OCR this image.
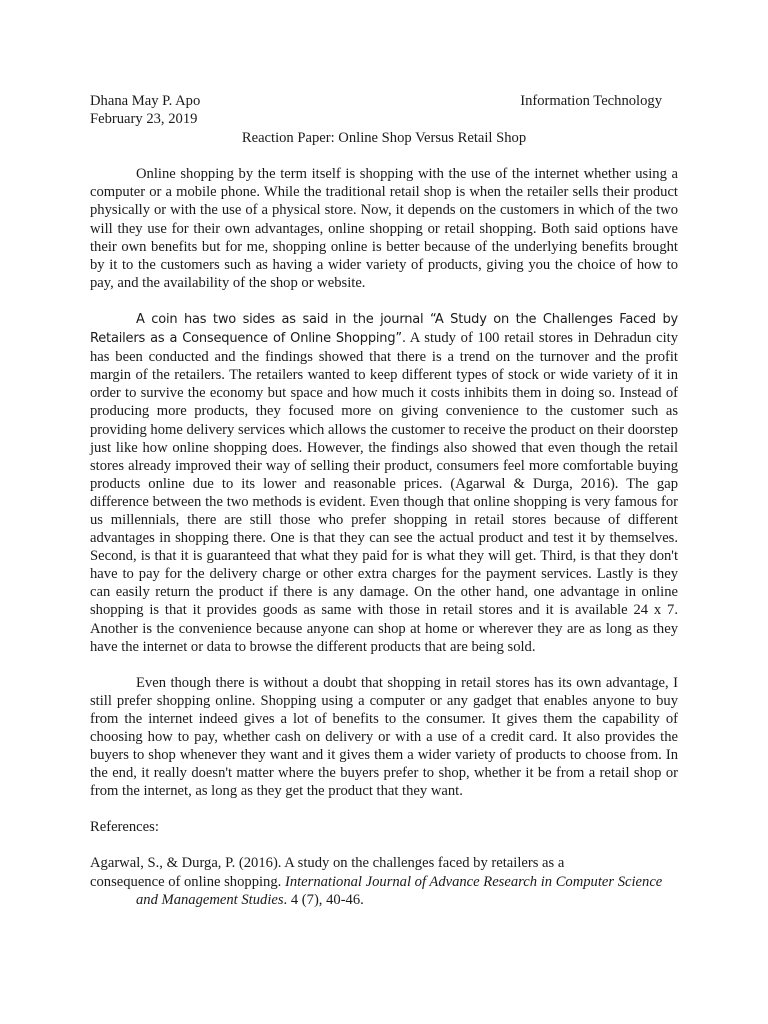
Dhana May P. Apo	Information Technology
February 23, 2019
Reaction Paper: Online Shop Versus Retail Shop

Online shopping by the term itself is shopping with the use of the internet whether using a computer or a mobile phone. While the traditional retail shop is when the retailer sells their product physically or with the use of a physical store. Now, it depends on the customers in which of the two will they use for their own advantages, online shopping or retail shopping. Both said options have their own benefits but for me, shopping online is better because of the underlying benefits brought by it to the customers such as having a wider variety of products, giving you the choice of how to pay, and the availability of the shop or website.

A coin has two sides as said in the journal “A Study on the Challenges Faced by Retailers as a Consequence of Online Shopping”. A study of 100 retail stores in Dehradun city has been conducted and the findings showed that there is a trend on the turnover and the profit margin of the retailers. The retailers wanted to keep different types of stock or wide variety of it in order to survive the economy but space and how much it costs inhibits them in doing so. Instead of producing more products, they focused more on giving convenience to the customer such as providing home delivery services which allows the customer to receive the product on their doorstep just like how online shopping does. However, the findings also showed that even though the retail stores already improved their way of selling their product, consumers feel more comfortable buying products online due to its lower and reasonable prices. (Agarwal & Durga, 2016). The gap difference between the two methods is evident. Even though that online shopping is very famous for us millennials, there are still those who prefer shopping in retail stores because of different advantages in shopping there. One is that they can see the actual product and test it by themselves. Second, is that it is guaranteed that what they paid for is what they will get. Third, is that they don't have to pay for the delivery charge or other extra charges for the payment services. Lastly is they can easily return the product if there is any damage. On the other hand, one advantage in online shopping is that it provides goods as same with those in retail stores and it is available 24 x 7. Another is the convenience because anyone can shop at home or wherever they are as long as they have the internet or data to browse the different products that are being sold.

Even though there is without a doubt that shopping in retail stores has its own advantage, I still prefer shopping online. Shopping using a computer or any gadget that enables anyone to buy from the internet indeed gives a lot of benefits to the consumer. It gives them the capability of choosing how to pay, whether cash on delivery or with a use of a credit card. It also provides the buyers to shop whenever they want and it gives them a wider variety of products to choose from. In the end, it really doesn't matter where the buyers prefer to shop, whether it be from a retail shop or from the internet, as long as they get the product that they want.

References:

Agarwal, S., & Durga, P. (2016). A study on the challenges faced by retailers as a
consequence of online shopping. International Journal of Advance Research in Computer Science and Management Studies. 4 (7), 40-46.
